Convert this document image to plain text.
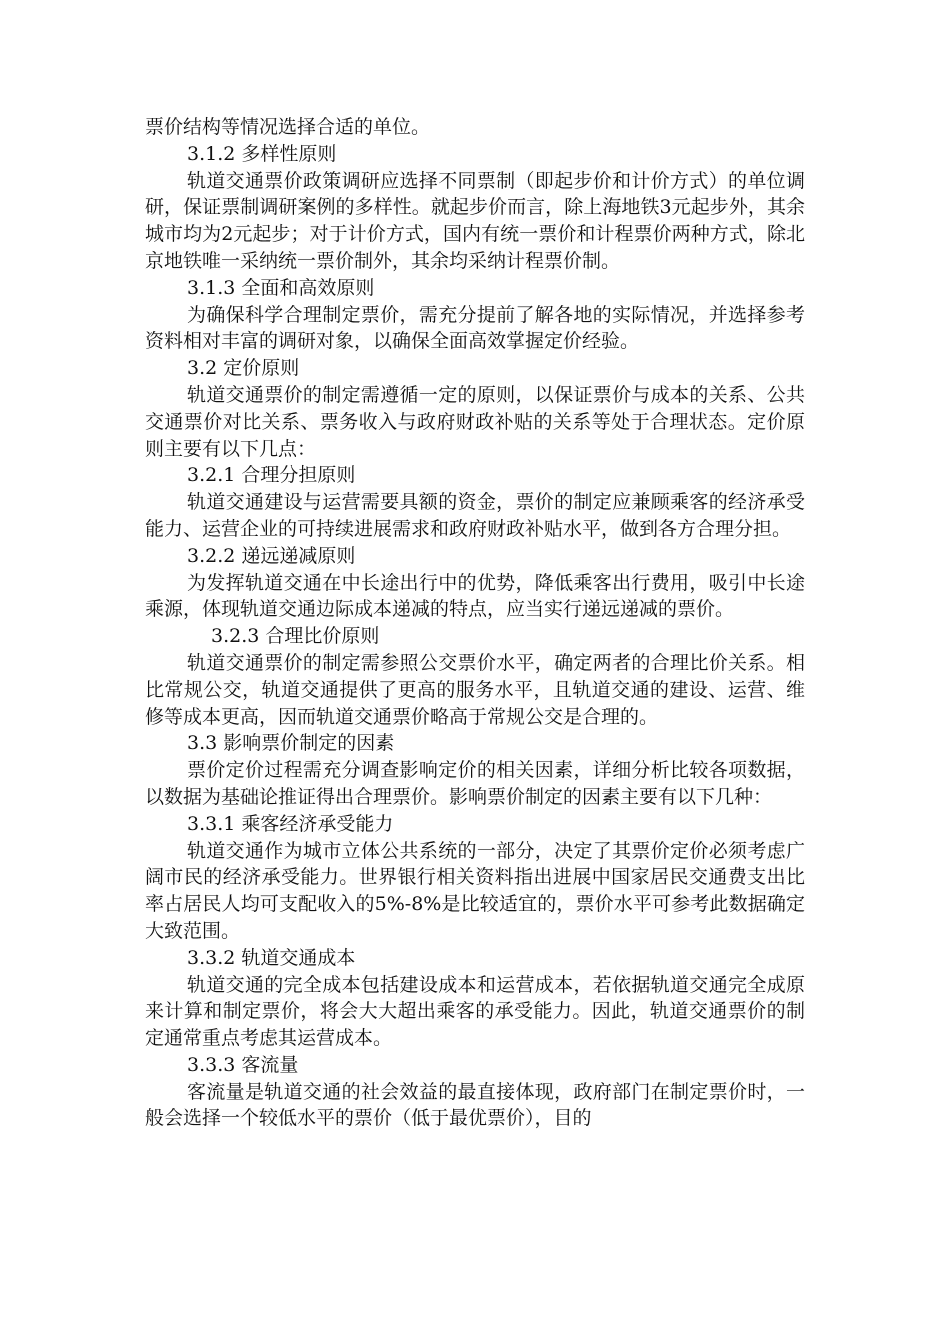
票价结构等情况选择合适的单位。

3.1.2 多样性原则

轨道交通票价政策调研应选择不同票制（即起步价和计价方式）的单位调研，保证票制调研案例的多样性。就起步价而言，除上海地铁3元起步外，其余城市均为2元起步；对于计价方式，国内有统一票价和计程票价两种方式，除北京地铁唯一采纳统一票价制外，其余均采纳计程票价制。

3.1.3 全面和高效原则

为确保科学合理制定票价，需充分提前了解各地的实际情况，并选择参考资料相对丰富的调研对象，以确保全面高效掌握定价经验。

3.2 定价原则

轨道交通票价的制定需遵循一定的原则，以保证票价与成本的关系、公共交通票价对比关系、票务收入与政府财政补贴的关系等处于合理状态。定价原则主要有以下几点：

3.2.1 合理分担原则

轨道交通建设与运营需要具额的资金，票价的制定应兼顾乘客的经济承受能力、运营企业的可持续进展需求和政府财政补贴水平，做到各方合理分担。

3.2.2 递远递减原则

为发挥轨道交通在中长途出行中的优势，降低乘客出行费用，吸引中长途乘源，体现轨道交通边际成本递减的特点，应当实行递远递减的票价。

3.2.3 合理比价原则

轨道交通票价的制定需参照公交票价水平，确定两者的合理比价关系。相比常规公交，轨道交通提供了更高的服务水平，且轨道交通的建设、运营、维修等成本更高，因而轨道交通票价略高于常规公交是合理的。

3.3 影响票价制定的因素

票价定价过程需充分调查影响定价的相关因素，详细分析比较各项数据，以数据为基础论推证得出合理票价。影响票价制定的因素主要有以下几种：

3.3.1 乘客经济承受能力

轨道交通作为城市立体公共系统的一部分，决定了其票价定价必须考虑广阔市民的经济承受能力。世界银行相关资料指出进展中国家居民交通费支出比率占居民人均可支配收入的5%-8%是比较适宜的，票价水平可参考此数据确定大致范围。

3.3.2 轨道交通成本

轨道交通的完全成本包括建设成本和运营成本，若依据轨道交通完全成原来计算和制定票价，将会大大超出乘客的承受能力。因此，轨道交通票价的制定通常重点考虑其运营成本。

3.3.3 客流量

客流量是轨道交通的社会效益的最直接体现，政府部门在制定票价时，一般会选择一个较低水平的票价（低于最优票价），目的
